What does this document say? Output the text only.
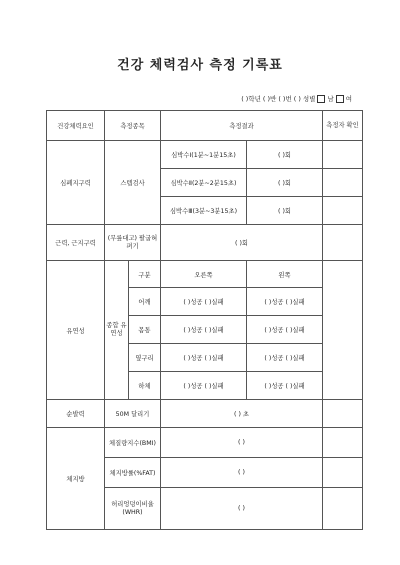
건강 체력검사 측정 기록표
( )학년 ( )반 ( )번 ( ) 성별 남 여
건강체력요인	측정종목		측정결과		측정자 확인
심폐지구력	스텝검사		심박수Ⅰ(1분~1분15초)	( )회	
			심박수Ⅱ(2분~2분15초)	( )회	
			심박수Ⅲ(3분~3분15초)	( )회	
근력, 근지구력	(무릎대고) 팔굽혀펴기		( )회		
유연성	종합 유연성	구분	오른쪽	왼쪽	
		어깨	( )성공 ( )실패	( )성공 ( )실패	
		몸통	( )성공 ( )실패	( )성공 ( )실패	
		옆구리	( )성공 ( )실패	( )성공 ( )실패	
		하체	( )성공 ( )실패	( )성공 ( )실패	
순발력	50M 달리기		( ) 초		
체지방	체질량지수(BMI)		( )		
	체지방률(%FAT)		( )		
	허리엉덩이비율 (WHR)		( )		
